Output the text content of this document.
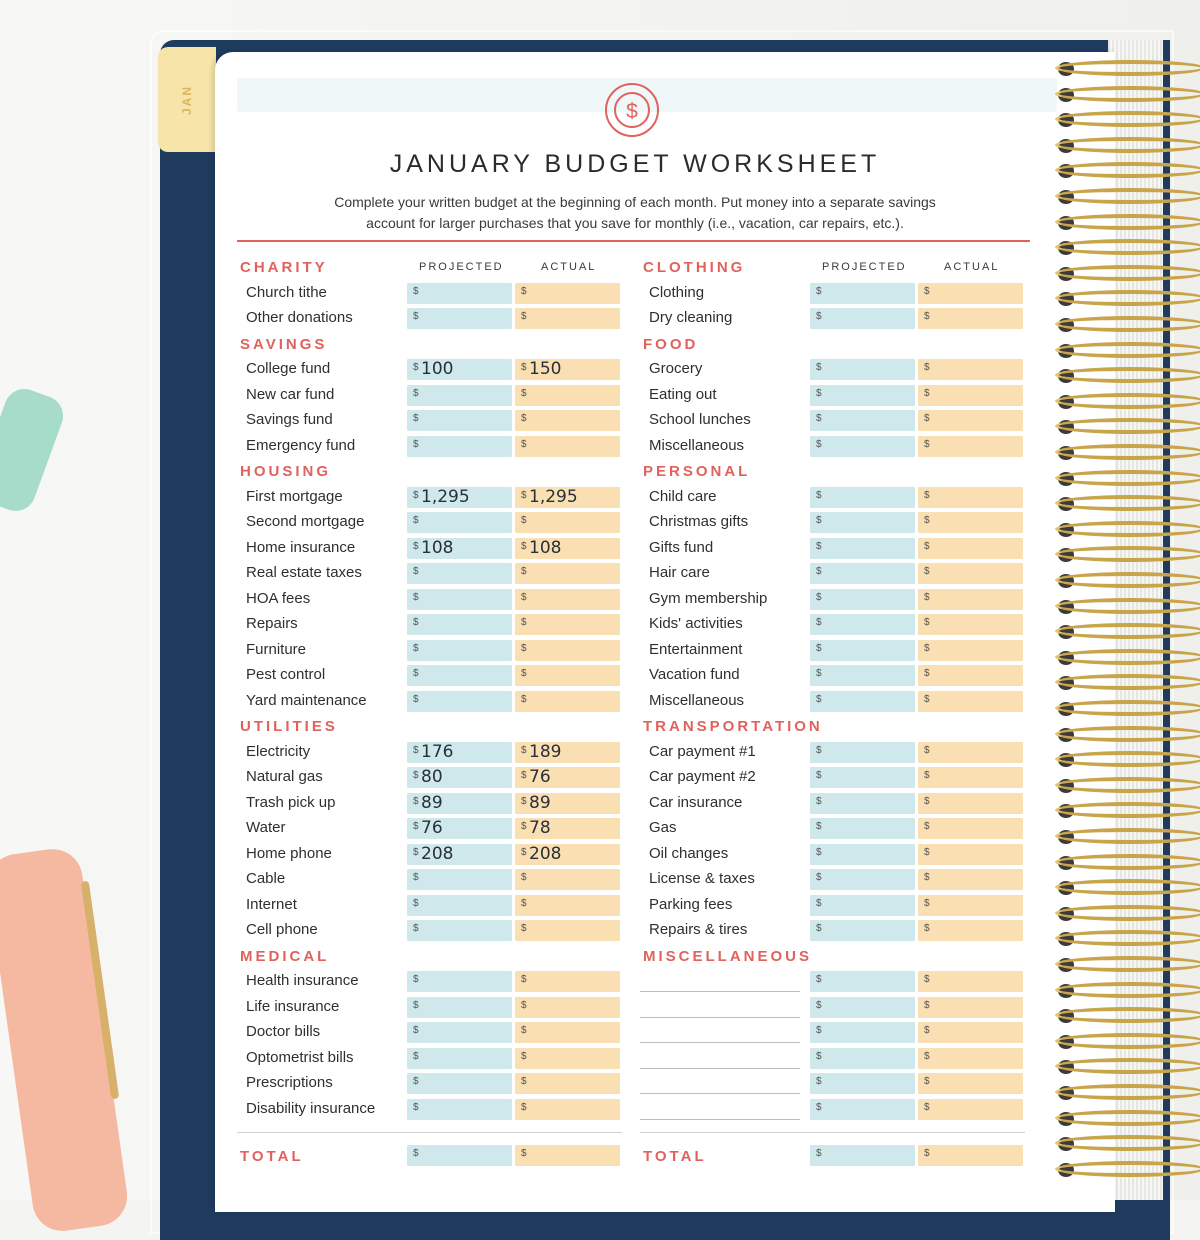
JAN	$
JANUARY BUDGET WORKSHEET
Complete your written budget at the beginning of each month. Put money into a separate savings
account for larger purchases that you save for monthly (i.e., vacation, car repairs, etc.).
CHARITY	PROJECTED	ACTUAL
Church tithe	$	$
Other donations	$	$
SAVINGS
College fund	$ 100	$ 150
New car fund	$	$
Savings fund	$	$
Emergency fund	$	$
HOUSING
First mortgage	$ 1,295	$ 1,295
Second mortgage	$	$
Home insurance	$ 108	$ 108
Real estate taxes	$	$
HOA fees	$	$
Repairs	$	$
Furniture	$	$
Pest control	$	$
Yard maintenance	$	$
UTILITIES
Electricity	$ 176	$ 189
Natural gas	$ 80	$ 76
Trash pick up	$ 89	$ 89
Water	$ 76	$ 78
Home phone	$ 208	$ 208
Cable	$	$
Internet	$	$
Cell phone	$	$
MEDICAL
Health insurance	$	$
Life insurance	$	$
Doctor bills	$	$
Optometrist bills	$	$
Prescriptions	$	$
Disability insurance	$	$
CLOTHING	PROJECTED	ACTUAL
Clothing	$	$
Dry cleaning	$	$
FOOD
Grocery	$	$
Eating out	$	$
School lunches	$	$
Miscellaneous	$	$
PERSONAL
Child care	$	$
Christmas gifts	$	$
Gifts fund	$	$
Hair care	$	$
Gym membership	$	$
Kids' activities	$	$
Entertainment	$	$
Vacation fund	$	$
Miscellaneous	$	$
TRANSPORTATION
Car payment #1	$	$
Car payment #2	$	$
Car insurance	$	$
Gas	$	$
Oil changes	$	$
License & taxes	$	$
Parking fees	$	$
Repairs & tires	$	$
MISCELLANEOUS
$	$
$	$
$	$
$	$
$	$
$	$
TOTAL	$	$	TOTAL	$	$
